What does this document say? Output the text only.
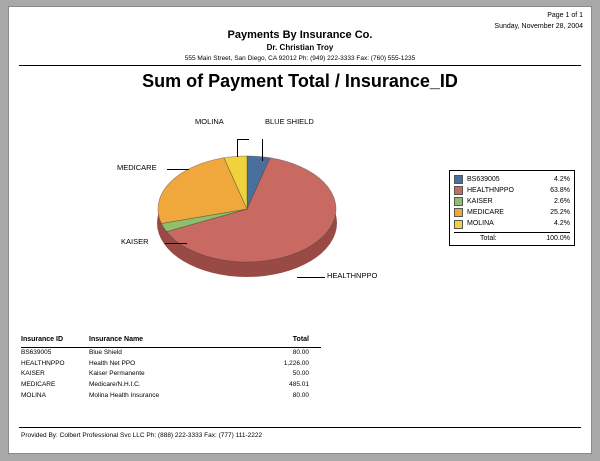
Page 1 of 1
Sunday, November 28, 2004
Payments By Insurance Co.
Dr. Christian Troy
555 Main Street, San Diego, CA 92012 Ph: (949) 222-3333 Fax: (760) 555-1235
Sum of Payment Total / Insurance_ID
BLUE SHIELD
MOLINA
MEDICARE
KAISER
HEALTHNPPO
BS639005	4.2%
HEALTHNPPO	63.8%
KAISER	2.6%
MEDICARE	25.2%
MOLINA	4.2%
Total:	100.0%
Insurance ID	Insurance Name	Total
BS639005	Blue Shield	80.00
HEALTHNPPO	Health Net PPO	1,226.00
KAISER	Kaiser Permanente	50.00
MEDICARE	Medicare/N.H.I.C.	485.01
MOLINA	Molina Health Insurance	80.00
Provided By: Colbert Professional Svc LLC Ph: (888) 222-3333 Fax: (777) 111-2222
